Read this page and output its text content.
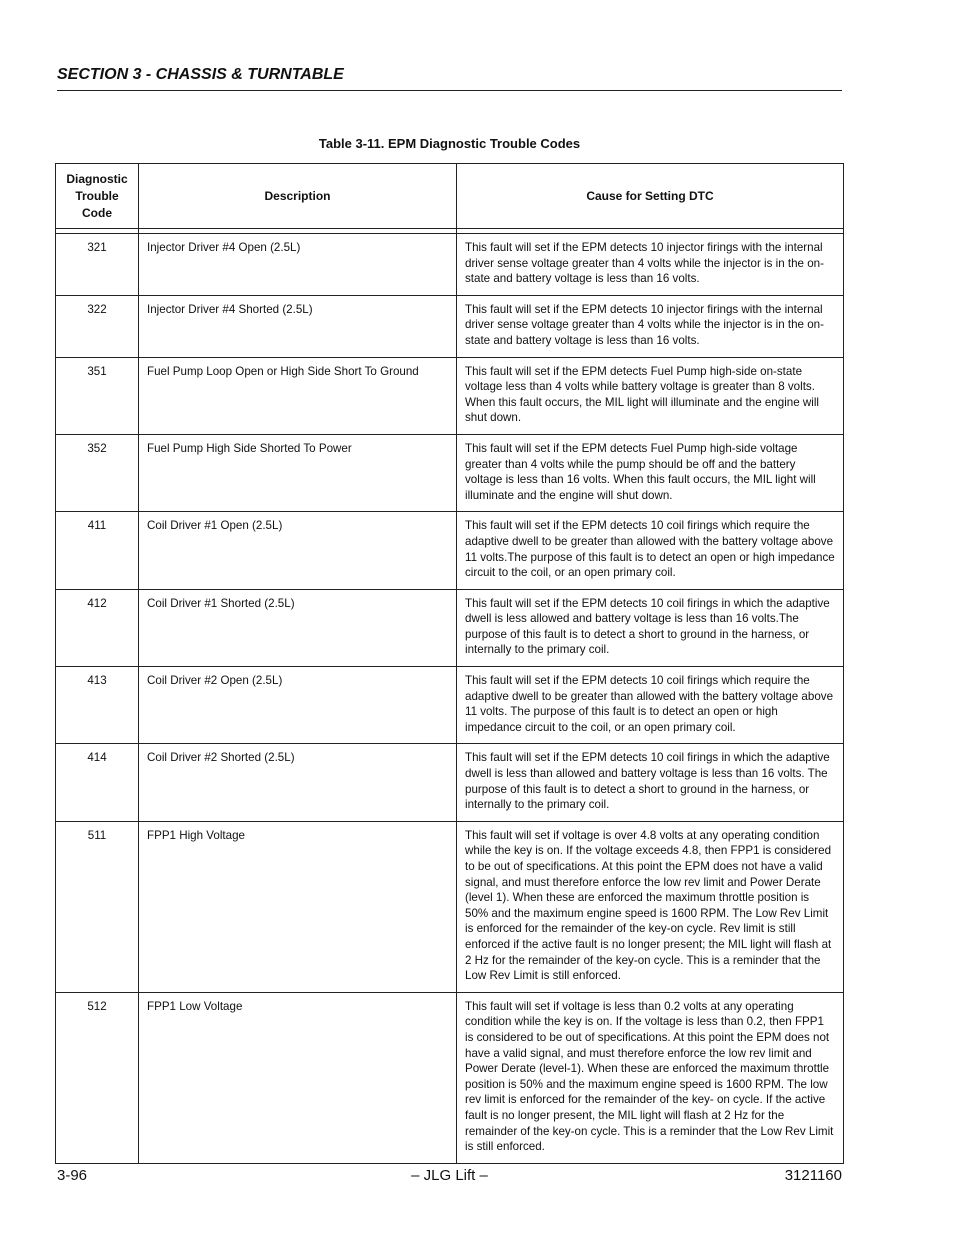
SECTION 3 - CHASSIS & TURNTABLE
Table 3-11. EPM Diagnostic Trouble Codes
Diagnostic
Trouble
Code	Description	Cause for Setting DTC

321	Injector Driver #4 Open (2.5L)	This fault will set if the EPM detects 10 injector firings with the internal driver sense voltage greater than 4 volts while the injector is in the on-state and battery voltage is less than 16 volts.
322	Injector Driver #4 Shorted (2.5L)	This fault will set if the EPM detects 10 injector firings with the internal driver sense voltage greater than 4 volts while the injector is in the on-state and battery voltage is less than 16 volts.
351	Fuel Pump Loop Open or High Side Short To Ground	This fault will set if the EPM detects Fuel Pump high-side on-state voltage less than 4 volts while battery voltage is greater than 8 volts. When this fault occurs, the MIL light will illuminate and the engine will shut down.
352	Fuel Pump High Side Shorted To Power	This fault will set if the EPM detects Fuel Pump high-side voltage greater than 4 volts while the pump should be off and the battery voltage is less than 16 volts. When this fault occurs, the MIL light will illuminate and the engine will shut down.
411	Coil Driver #1 Open (2.5L)	This fault will set if the EPM detects 10 coil firings which require the adaptive dwell to be greater than allowed with the battery voltage above 11 volts.The purpose of this fault is to detect an open or high impedance circuit to the coil, or an open primary coil.
412	Coil Driver #1 Shorted (2.5L)	This fault will set if the EPM detects 10 coil firings in which the adaptive dwell is less allowed and battery voltage is less than 16 volts.The purpose of this fault is to detect a short to ground in the harness, or internally to the primary coil.
413	Coil Driver #2 Open (2.5L)	This fault will set if the EPM detects 10 coil firings which require the adaptive dwell to be greater than allowed with the battery voltage above 11 volts. The purpose of this fault is to detect an open or high impedance circuit to the coil, or an open primary coil.
414	Coil Driver #2 Shorted (2.5L)	This fault will set if the EPM detects 10 coil firings in which the adaptive dwell is less than allowed and battery voltage is less than 16 volts. The purpose of this fault is to detect a short to ground in the harness, or internally to the primary coil.
511	FPP1 High Voltage	This fault will set if voltage is over 4.8 volts at any operating condition while the key is on. If the voltage exceeds 4.8, then FPP1 is considered to be out of specifications. At this point the EPM does not have a valid signal, and must therefore enforce the low rev limit and Power Derate (level 1). When these are enforced the maximum throttle position is 50% and the maximum engine speed is 1600 RPM. The Low Rev Limit is enforced for the remainder of the key-on cycle. Rev limit is still enforced if the active fault is no longer present; the MIL light will flash at 2 Hz for the remainder of the key-on cycle. This is a reminder that the Low Rev Limit is still enforced.
512	FPP1 Low Voltage	This fault will set if voltage is less than 0.2 volts at any operating condition while the key is on. If the voltage is less than 0.2, then FPP1 is considered to be out of specifications. At this point the EPM does not have a valid signal, and must therefore enforce the low rev limit and Power Derate (level-1). When these are enforced the maximum throttle position is 50% and the maximum engine speed is 1600 RPM. The low rev limit is enforced for the remainder of the key- on cycle. If the active fault is no longer present, the MIL light will flash at 2 Hz for the remainder of the key-on cycle. This is a reminder that the Low Rev Limit is still enforced.
3-96	– JLG Lift –	3121160
